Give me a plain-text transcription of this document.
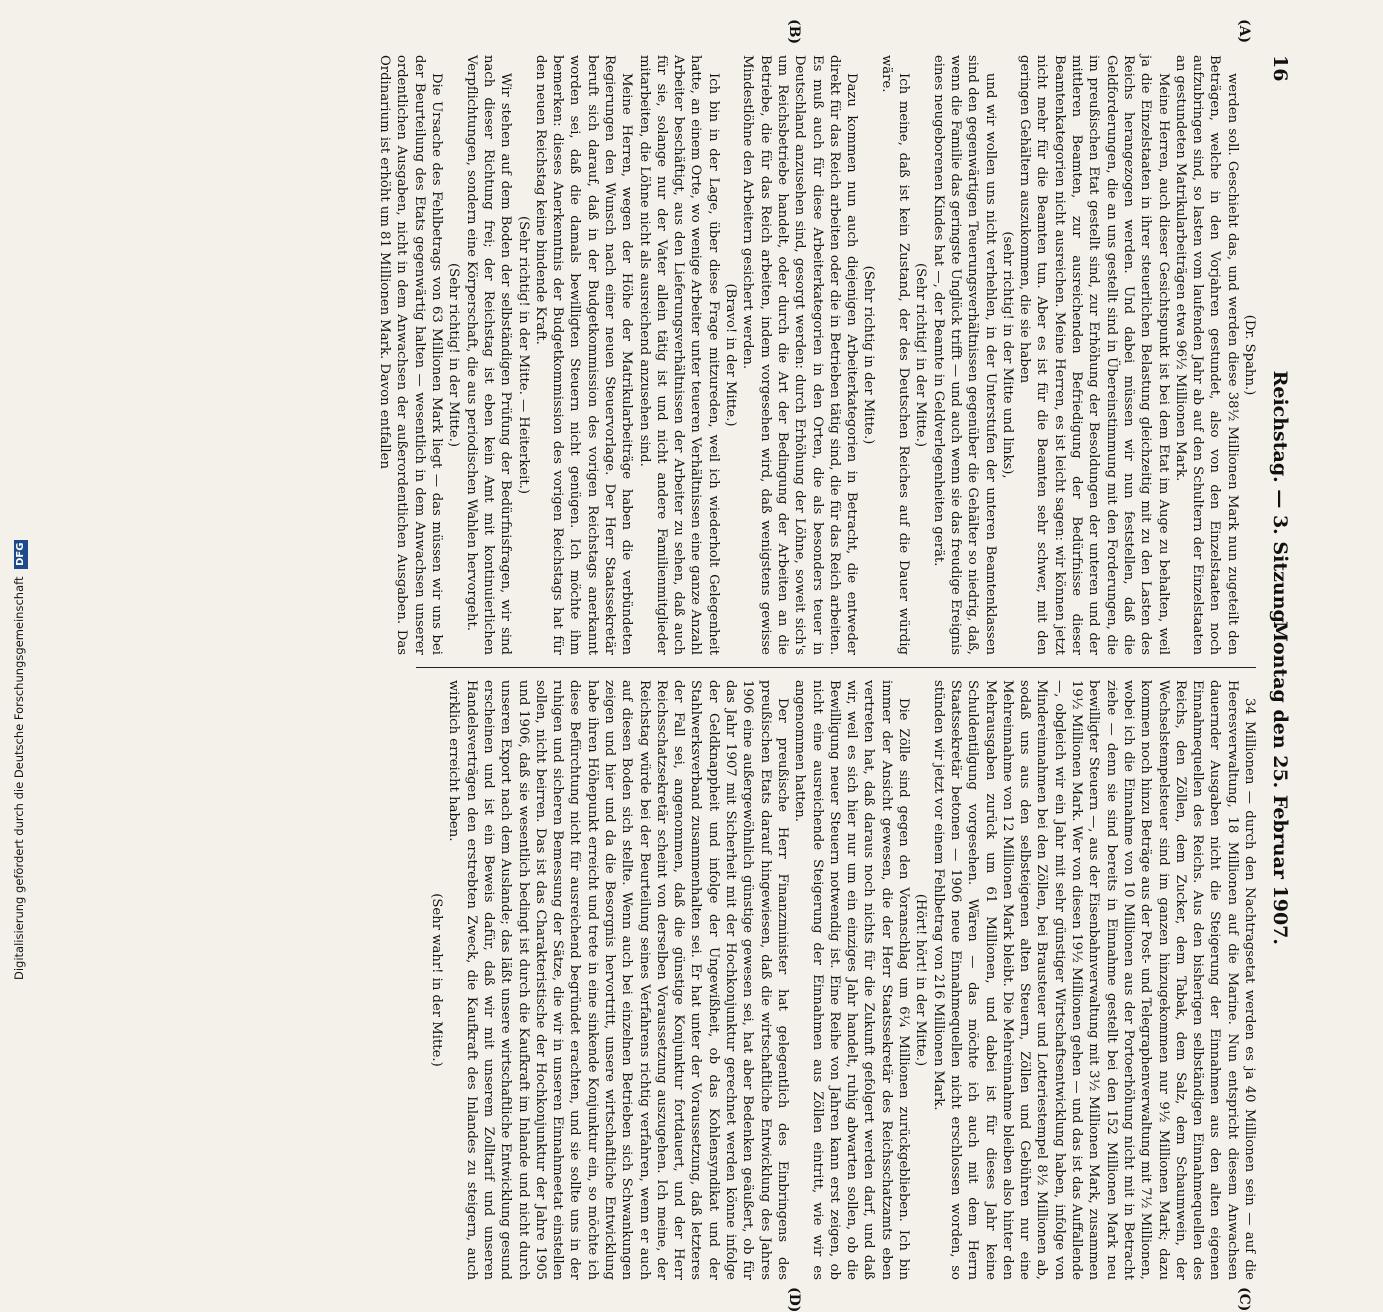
16
Reichstag. — 3. Sitzung.
Montag den 25. Februar 1907.
(A)
(B)
(C)
(D)

(Dr. Spahn.)

werden soll. Geschieht das, und werden diese 38½ Millionen Mark nun zugeteilt den Beträgen, welche in den Vorjahren gestundet, also von den Einzelstaaten noch aufzubringen sind, so lasten vom laufenden Jahr ab auf den Schultern der Einzelstaaten an gestundeten Matrikularbeiträgen etwa 96½ Millionen Mark.

Meine Herren, auch dieser Gesichtspunkt ist bei dem Etat im Auge zu behalten, weil ja die Einzelstaaten in ihrer steuerlichen Belastung gleichzeitig mit zu den Lasten des Reichs herangezogen werden. Und dabei müssen wir nun feststellen, daß die Geldforderungen, die an uns gestellt sind in Übereinstimmung mit den Forderungen, die im preußischen Etat gestellt sind, zur Erhöhung der Besoldungen der unteren und der mittleren Beamten, zur ausreichenden Befriedigung der Bedürfnisse dieser Beamtenkategorien nicht ausreichen. Meine Herren, es ist leicht sagen: wir können jetzt nicht mehr für die Beamten tun. Aber es ist für die Beamten sehr schwer, mit den geringen Gehältern auszukommen, die sie haben

(sehr richtig! in der Mitte und links),

und wir wollen uns nicht verhehlen, in der Unterstufen der unteren Beamtenklassen sind den gegenwärtigen Teuerungsverhältnissen gegenüber die Gehälter so niedrig, daß, wenn die Familie das geringste Unglück trifft — und auch wenn sie das freudige Ereignis eines neugeborenen Kindes hat —, der Beamte in Geldverlegenheiten gerät.

(Sehr richtig! in der Mitte.)

Ich meine, daß ist kein Zustand, der des Deutschen Reiches auf die Dauer würdig wäre.

(Sehr richtig in der Mitte.)

Dazu kommen nun auch diejenigen Arbeiterkategorien in Betracht, die entweder direkt für das Reich arbeiten oder die in Betrieben tätig sind, die für das Reich arbeiten. Es muß auch für diese Arbeiterkategorien in den Orten, die als besonders teuer in Deutschland anzusehen sind, gesorgt werden: durch Erhöhung der Löhne, soweit sich's um Reichsbetriebe handelt, oder durch die Art der Bedingung der Arbeiten an die Betriebe, die für das Reich arbeiten, indem vorgesehen wird, daß wenigstens gewisse Mindestlöhne den Arbeitern gesichert werden.

(Bravo! in der Mitte.)

Ich bin in der Lage, über diese Frage mitzureden, weil ich wiederholt Gelegenheit hatte, an einem Orte, wo wenige Arbeiter unter teueren Verhältnissen eine ganze Anzahl Arbeiter beschäftigt, aus den Lieferungsverhältnissen der Arbeiter zu sehen, daß auch für sie, solange nur der Vater allein tätig ist und nicht andere Familienmitglieder mitarbeiten, die Löhne nicht als ausreichend anzusehen sind.

Meine Herren, wegen der Höhe der Matrikularbeiträge haben die verbündeten Regierungen den Wunsch nach einer neuen Steuervorlage. Der Herr Staatssekretär beruft sich darauf, daß in der Budgetkommission des vorigen Reichstags anerkannt worden sei, daß die damals bewilligten Steuern nicht genügen. Ich möchte ihm bemerken: dieses Anerkenntnis der Budgetkommission des vorigen Reichstags hat für den neuen Reichstag keine bindende Kraft.

(Sehr richtig! in der Mitte. — Heiterkeit.)

Wir stehen auf dem Boden der selbständigen Prüfung der Bedürfnisfragen, wir sind nach dieser Richtung frei; der Reichstag ist eben kein Amt mit kontinuierlichen Verpflichtungen, sondern eine Körperschaft, die aus periodischen Wahlen hervorgeht.

(Sehr richtig! in der Mitte.)

Die Ursache des Fehlbetrags von 63 Millionen Mark liegt — das müssen wir uns bei der Beurteilung des Etats gegenwärtig halten — wesentlich in dem Anwachsen unserer ordentlichen Ausgaben, nicht in dem Anwachsen der außerordentlichen Ausgaben. Das Ordinarium ist erhöht um 81 Millionen Mark. Davon entfallen

34 Millionen — durch den Nachtragsetat werden es ja 40 Millionen sein — auf die Heeresverwaltung, 18 Millionen auf die Marine. Nun entspricht diesem Anwachsen dauernder Ausgaben nicht die Steigerung der Einnahmen aus den alten eigenen Einnahmequellen des Reichs. Aus den bisherigen selbständigen Einnahmequellen des Reichs, den Zöllen, dem Zucker, dem Tabak, dem Salz, dem Schaumwein, der Wechselstempelsteuer sind im ganzen hinzugekommen nur 9½ Millionen Mark; dazu kommen noch hinzu Beträge aus der Post- und Telegraphenverwaltung mit 7½ Millionen, wobei ich die Einnahme von 10 Millionen aus der Portoerhöhung nicht mit in Betracht ziehe — denn sie sind bereits in Einnahme gestellt bei den 152 Millionen Mark neu bewilligter Steuern —, aus der Eisenbahnverwaltung mit 3½ Millionen Mark, zusammen 19½ Millionen Mark. Wer von diesen 19½ Millionen gehen — und das ist das Auffallende —, obgleich wir ein Jahr mit sehr günstiger Wirtschaftsentwicklung haben, infolge von Mindereinnahmen bei den Zöllen, bei Brausteuer und Lotteriestempel 8½ Millionen ab, sodaß uns aus den selbsteigenen alten Steuern, Zöllen und Gebühren nur eine Mehreinnahme von 12 Millionen Mark bleibt. Die Mehreinnahme bleiben also hinter den Mehrausgaben zurück um 61 Millionen, und dabei ist für dieses Jahr keine Schuldentilgung vorgesehen. Wären — das möchte ich auch mit dem Herrn Staatssekretär betonen — 1906 neue Einnahmequellen nicht erschlossen worden, so stünden wir jetzt vor einem Fehlbetrag von 216 Millionen Mark.

(Hört! hört! in der Mitte.)

Die Zölle sind gegen den Voranschlag um 6¼ Millionen zurückgeblieben. Ich bin immer der Ansicht gewesen, die der Herr Staatssekretär des Reichsschatzamts eben vertreten hat, daß daraus noch nichts für die Zukunft gefolgert werden darf, und daß wir, weil es sich hier nur um ein einziges Jahr handelt, ruhig abwarten sollen, ob die Bewilligung neuer Steuern notwendig ist. Eine Reihe von Jahren kann erst zeigen, ob nicht eine ausreichende Steigerung der Einnahmen aus Zöllen eintritt, wie wir es angenommen hatten.

Der preußische Herr Finanzminister hat gelegentlich des Einbringens des preußischen Etats darauf hingewiesen, daß die wirtschaftliche Entwicklung des Jahres 1906 eine außergewöhnlich günstige gewesen sei, hat aber Bedenken geäußert, ob für das Jahr 1907 mit Sicherheit mit der Hochkonjunktur gerechnet werden könne infolge der Geldknappheit und infolge der Ungewißheit, ob das Kohlensyndikat und der Stahlwerksverband zusammenhalten sei. Er hat unter der Voraussetzung, daß letzteres der Fall sei, angenommen, daß die günstige Konjunktur fortdauert, und der Herr Reichsschatzsekretär scheint von derselben Voraussetzung auszugehen. Ich meine, der Reichstag würde bei der Beurteilung seines Verfahrens richtig verfahren, wenn er auch auf diesen Boden sich stellte. Wenn auch bei einzelnen Betrieben sich Schwankungen zeigen und hier und da die Besorgnis hervortritt, unsere wirtschaftliche Entwicklung habe ihren Höhepunkt erreicht und trete in eine sinkende Konjunktur ein, so möchte ich diese Befürchtung nicht für ausreichend begründet erachten, und sie sollte uns in der ruhigen und sicheren Bemessung der Sätze, die wir in unseren Einnahmeetat einstellen sollen, nicht beirren. Das ist das Charakteristische der Hochkonjunktur der Jahre 1905 und 1906, daß sie wesentlich bedingt ist durch die Kaufkraft im Inlande und nicht durch unseren Export nach dem Auslande; das läßt unsere wirtschaftliche Entwicklung gesund erscheinen und ist ein Beweis dafür, daß wir mit unserem Zolltarif und unseren Handelsverträgen den erstrebten Zweck, die Kaufkraft des Inlandes zu steigern, auch wirklich erreicht haben.

(Sehr wahr! in der Mitte.)

Digitalisierung gefördert durch die Deutsche Forschungsgemeinschaft DFG
